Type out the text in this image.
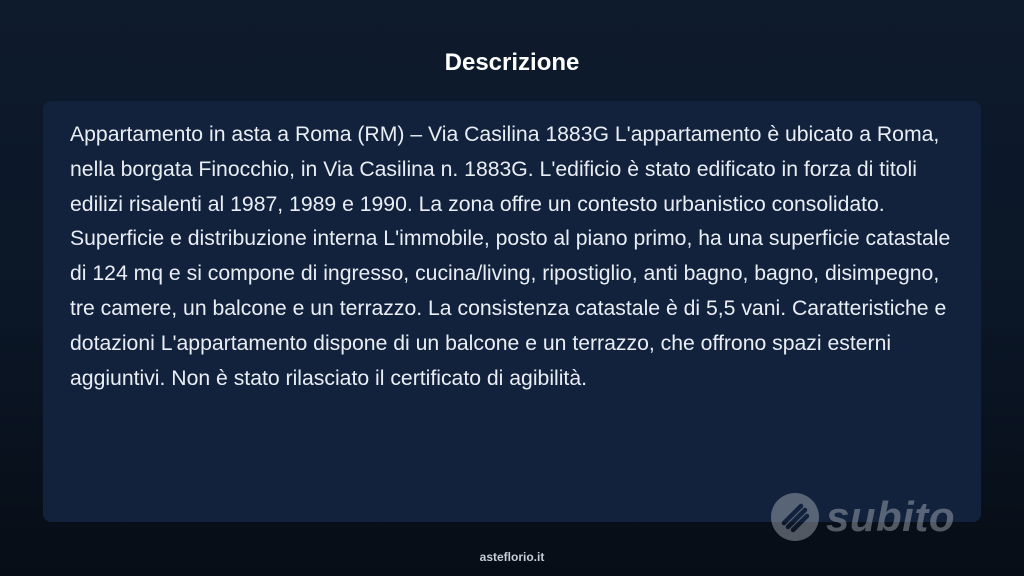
Descrizione

Appartamento in asta a Roma (RM) – Via Casilina 1883G L'appartamento è ubicato a Roma, nella borgata Finocchio, in Via Casilina n. 1883G. L'edificio è stato edificato in forza di titoli edilizi risalenti al 1987, 1989 e 1990. La zona offre un contesto urbanistico consolidato. Superficie e distribuzione interna L'immobile, posto al piano primo, ha una superficie catastale di 124 mq e si compone di ingresso, cucina/living, ripostiglio, anti bagno, bagno, disimpegno, tre camere, un balcone e un terrazzo. La consistenza catastale è di 5,5 vani. Caratteristiche e dotazioni L'appartamento dispone di un balcone e un terrazzo, che offrono spazi esterni aggiuntivi. Non è stato rilasciato il certificato di agibilità.

subito
asteflorio.it
